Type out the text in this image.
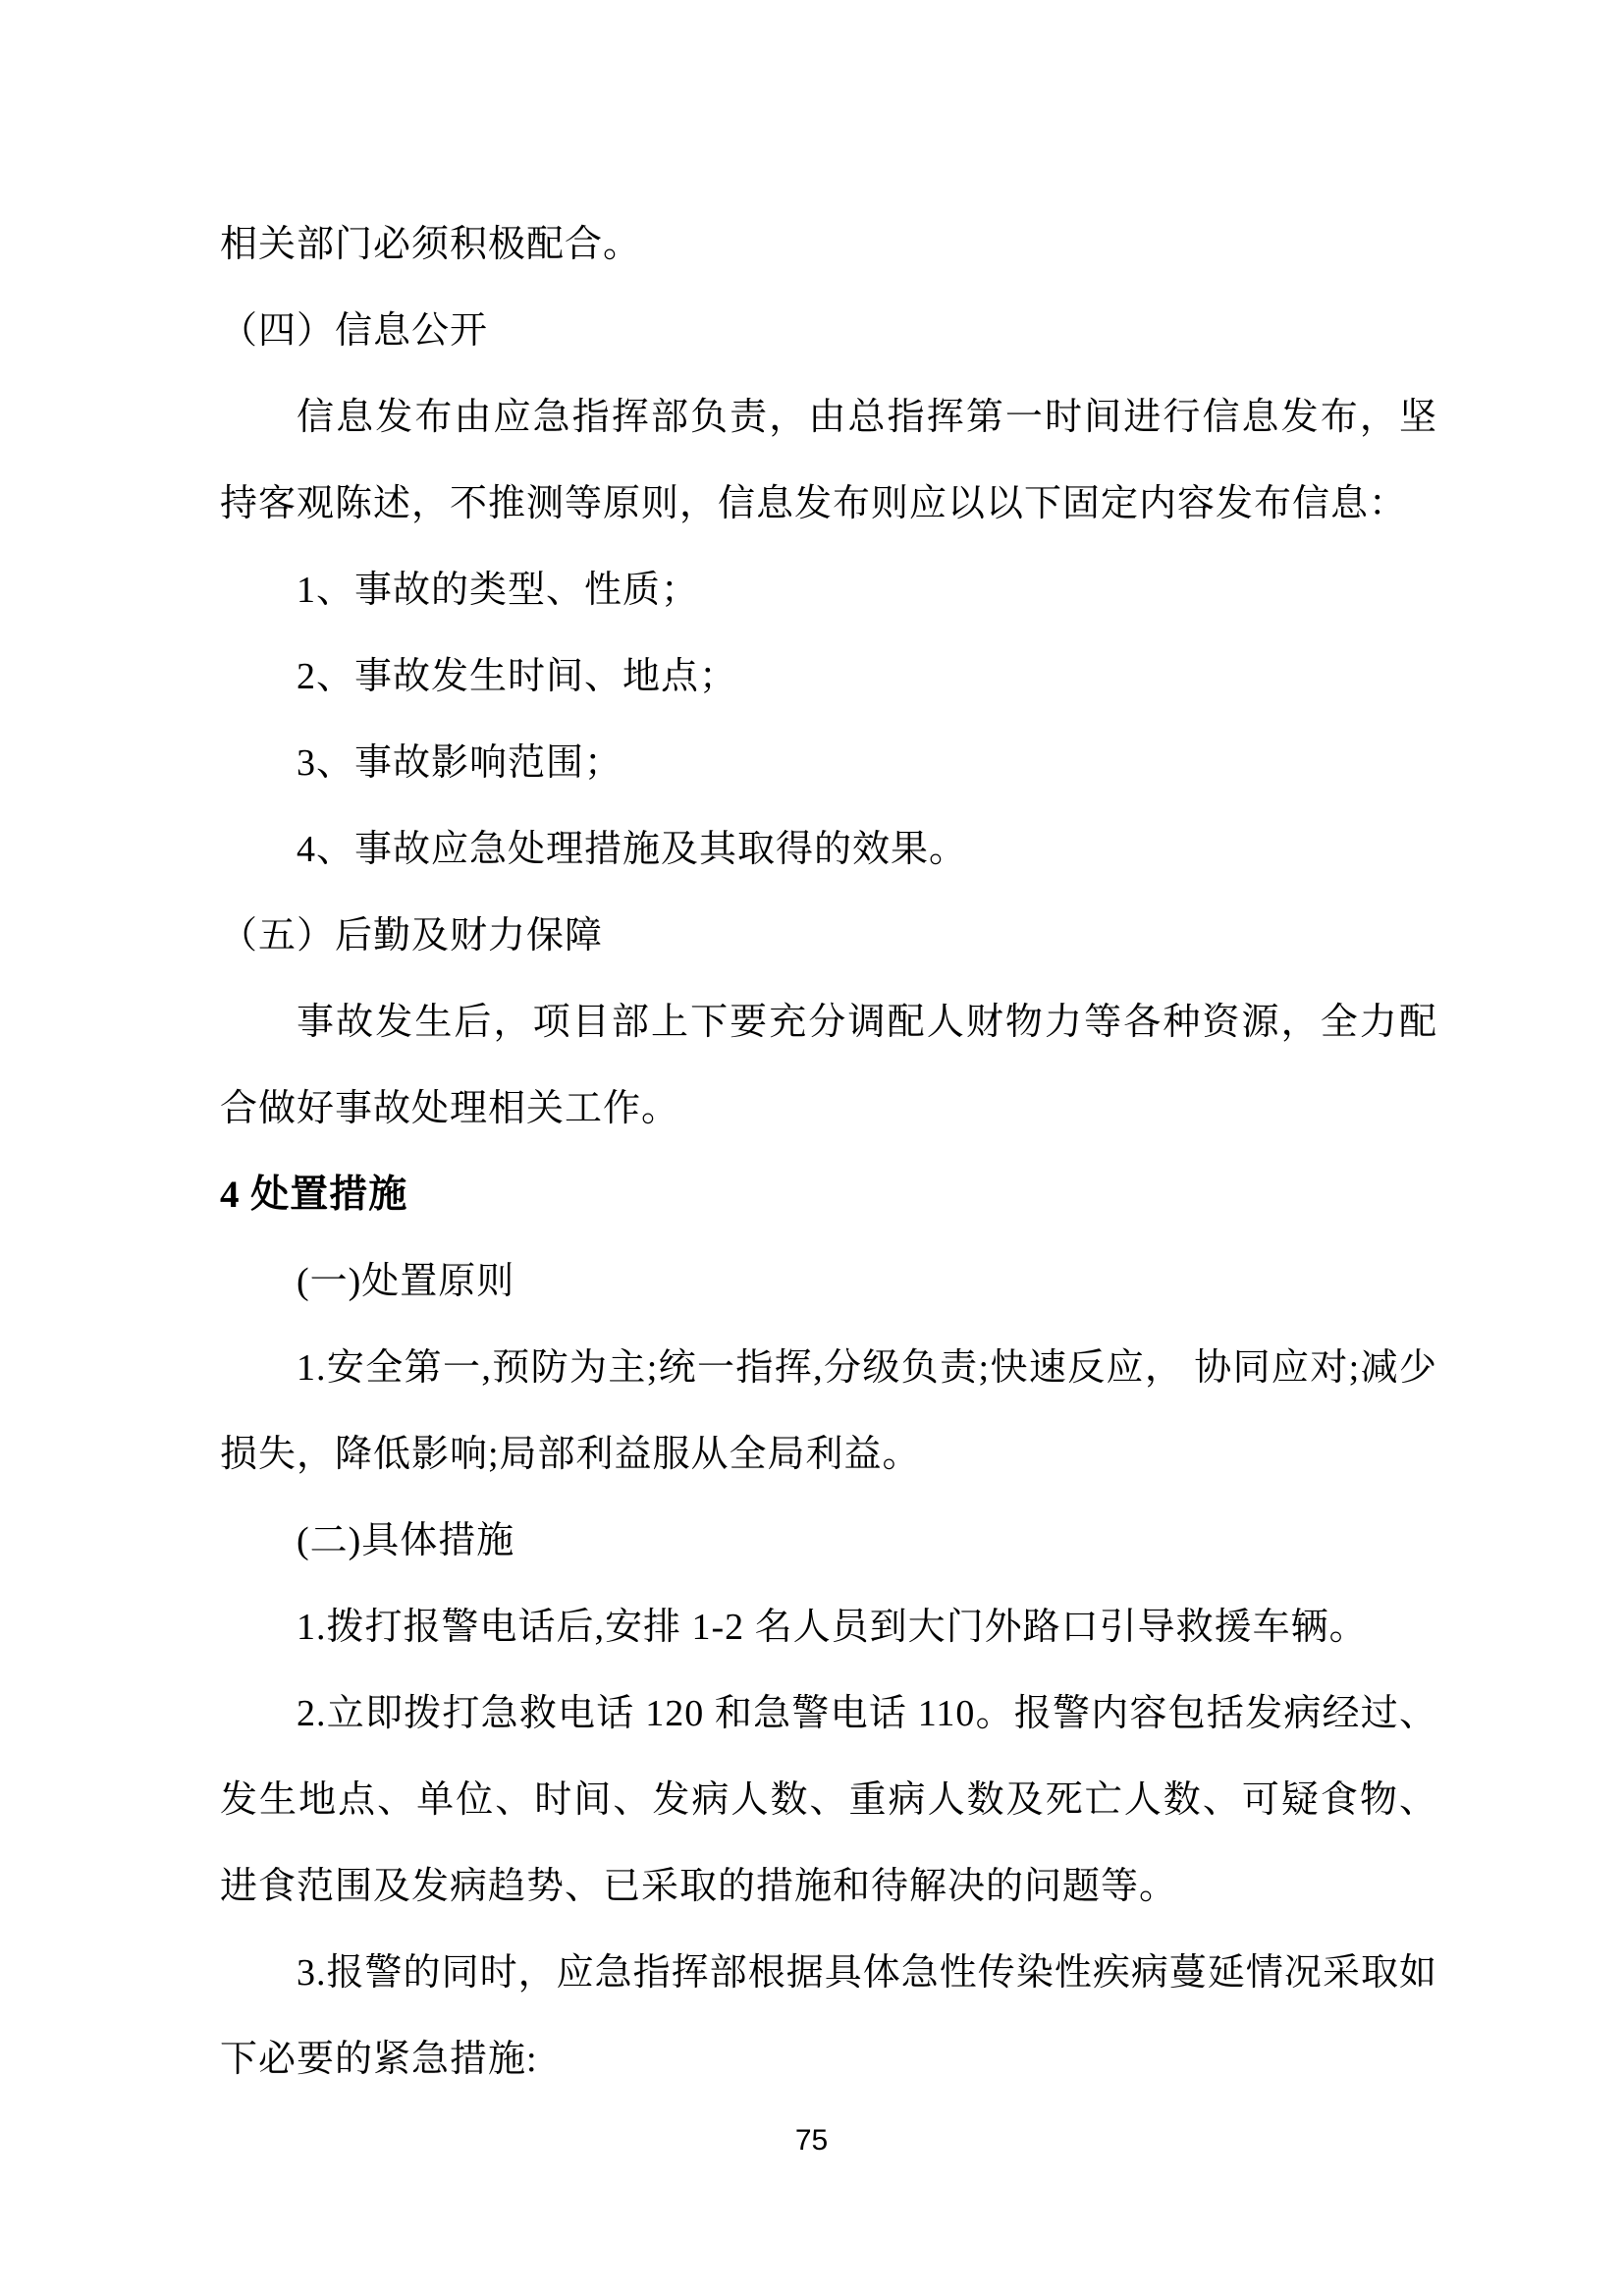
相关部门必须积极配合。

（四）信息公开

信息发布由应急指挥部负责，由总指挥第一时间进行信息发布，坚持客观陈述，不推测等原则，信息发布则应以以下固定内容发布信息：

1、事故的类型、性质；

2、事故发生时间、地点；

3、事故影响范围；

4、事故应急处理措施及其取得的效果。

（五）后勤及财力保障

事故发生后，项目部上下要充分调配人财物力等各种资源，全力配合做好事故处理相关工作。

4 处置措施

(一)处置原则

1.安全第一,预防为主;统一指挥,分级负责;快速反应， 协同应对;减少损失，降低影响;局部利益服从全局利益。

(二)具体措施

1.拨打报警电话后,安排 1-2 名人员到大门外路口引导救援车辆。

2.立即拨打急救电话 120 和急警电话 110。报警内容包括发病经过、发生地点、单位、时间、发病人数、重病人数及死亡人数、可疑食物、进食范围及发病趋势、已采取的措施和待解决的问题等。

3.报警的同时，应急指挥部根据具体急性传染性疾病蔓延情况采取如下必要的紧急措施:

75
